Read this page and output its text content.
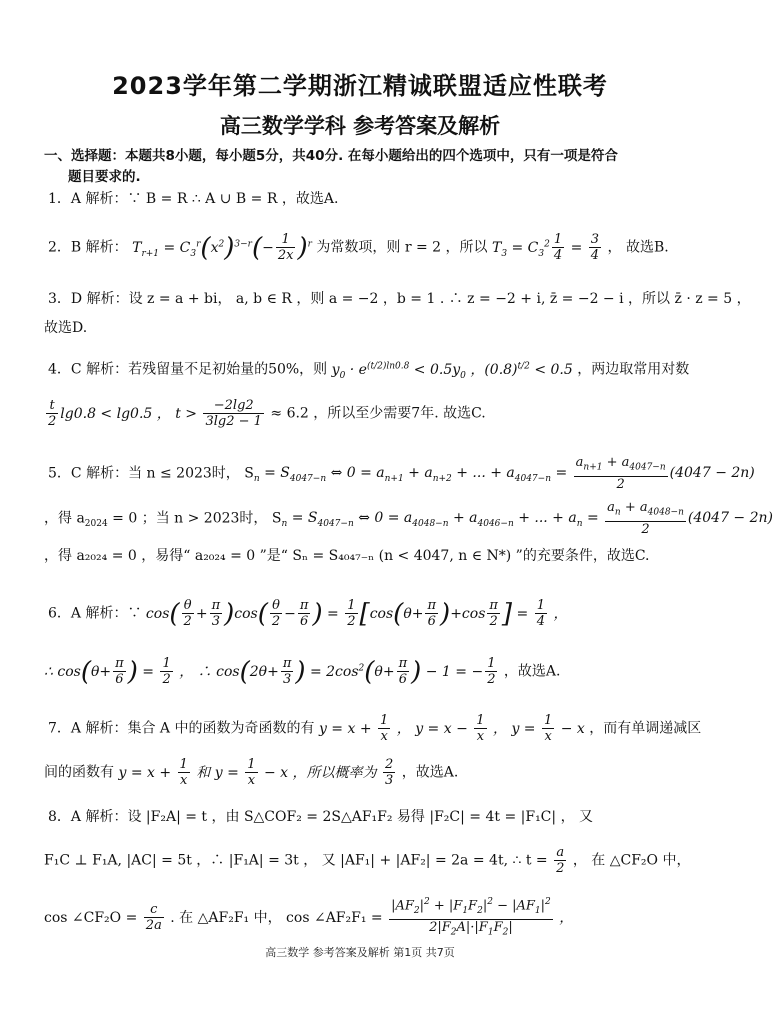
2023学年第二学期浙江精诚联盟适应性联考
高三数学学科 参考答案及解析
一、选择题：本题共8小题，每小题5分，共40分. 在每小题给出的四个选项中，只有一项是符合
题目要求的.
1．A 解析：∵ B = R ∴ A ∪ B = R ，故选A.
2．B 解析： $T_{r+1} = C_3^r(x^2)^{3-r}(- \frac{1}{2x} )^r$ 为常数项，则 r = 2 ，所以 $T_3 = C_3^2 \frac{1}{4} = \frac{3}{4}$ ， 故选B.
3．D 解析：设 z = a + bi， a, b ∈ R ，则 a = −2 ，b = 1 . ∴ z = −2 + i, z̄ = −2 − i ，所以 z̄ · z = 5 ，
故选D.
4．C 解析：若残留量不足初始量的50%，则 $y_0 \cdot e^{(t/2)ln0.8} < 0.5y_0$ ，$(0.8)^{t/2} < 0.5$ ，两边取常用对数
$\frac{t}{2} \lg 0.8 < \lg 0.5$ ， $t > \frac{-2\lg 2}{3\lg 2 - 1} \approx 6.2$ ，所以至少需要7年. 故选C.
5．C 解析：当 n ≤ 2023时， $S_n = S_{4047-n}$ ⇔ $0 = a_{n+1} + a_{n+2}$ + ... + $a_{4047-n} = \frac{a_{n+1} + a_{4047-n}}{2} (4047 - 2n)$
，得 $a_{2024} = 0$ ；当 n > 2023时， $S_n = S_{4047-n}$ ⇔ $0 = a_{4048-n} + a_{4046-n}$ + ... + $a_n = \frac{a_n + a_{4048-n}}{2} (4047 - 2n)$
，得 a₂₀₂₄ = 0 ，易得“ a₂₀₂₄ = 0 ”是“ Sₙ = S₄₀₄₇₋ₙ (n < 4047, n ∈ N*) ”的充要条件，故选C.
6．A 解析：∵ $\cos( \frac{\theta}{2} + \frac{\pi}{3} )\cos( \frac{\theta}{2} - \frac{\pi}{6}$ ) = $\frac{1}{2} [\cos(\theta+ \frac{\pi}{6} )+\cos \frac{\pi}{2}$ ] = $\frac{1}{4}$ ，
∴ $\cos(\theta+ \frac{\pi}{6}$ ) = $\frac{1}{2}$ ， ∴ $\cos(2\theta+ \frac{\pi}{3}$ ) = $2\cos^2(\theta+ \frac{\pi}{6}$ ) − 1 = − $\frac{1}{2}$ ，故选A.
7．A 解析：集合 A 中的函数为奇函数的有 $y = x + \frac{1}{x}$ ， $y = x - \frac{1}{x}$ ， $y = \frac{1}{x} - x$ ，而有单调递减区
间的函数有 $y = x + \frac{1}{x}$ 和 $y = \frac{1}{x} - x$ ，所以概率为 $\frac{2}{3}$ ，故选A.
8．A 解析：设 |F₂A| = t ，由 S△COF₂ = 2S△AF₁F₂ 易得 |F₂C| = 4t = |F₁C| ， 又
F₁C ⊥ F₁A, |AC| = 5t ，∴ |F₁A| = 3t ， 又 |AF₁| + |AF₂| = 2a = 4t, ∴ $t = \frac{a}{2}$ ， 在 △CF₂O 中，
cos ∠CF₂O = $\frac{c}{2a}$ . 在 △AF₂F₁ 中， cos ∠AF₂F₁ = $\frac{|AF_2|^2 + |F_1F_2|^2 - |AF_1|^2}{2|F_2A|\cdot|F_1F_2|}$ ，
高三数学 参考答案及解析 第1页 共7页
